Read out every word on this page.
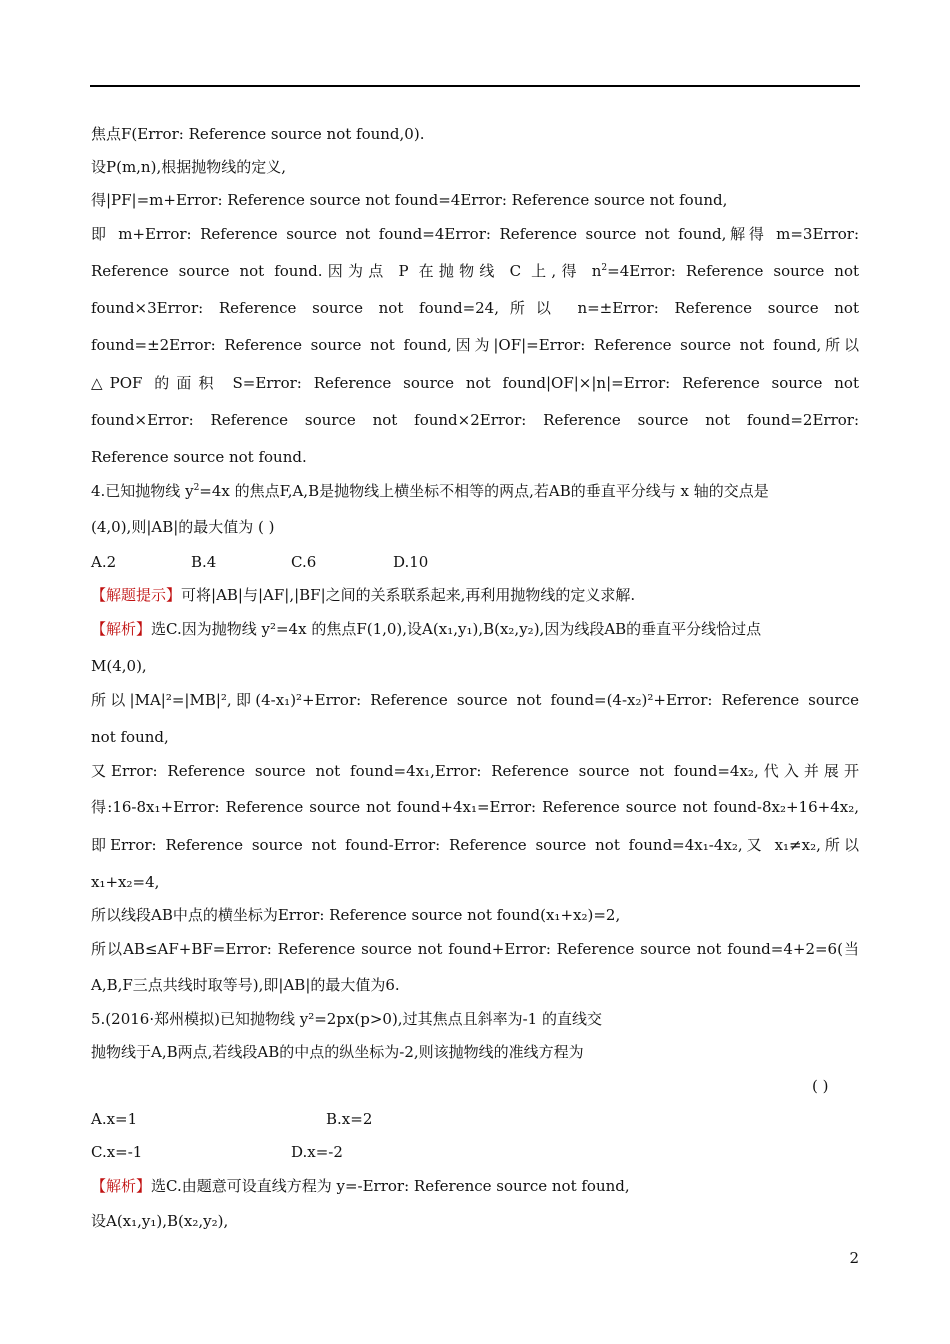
焦点F(Error: Reference source not found,0).
设P(m,n),根据抛物线的定义,
得|PF|=m+Error: Reference source not found=4Error: Reference source not found,
即 m+Error: Reference source not found=4Error: Reference source not found,解得 m=3Error:
Reference source not found.因为点 P 在抛物线 C 上,得 $n^2=4Error$: Reference source not
found×3Error: Reference source not found=24,所以 n=±Error: Reference source not
found=±2Error: Reference source not found,因为|OF|=Error: Reference source not found,所以
△POF 的面积 S=Error: Reference source not found|OF|×|n|=Error: Reference source not
found×Error: Reference source not found×2Error: Reference source not found=2Error:
Reference source not found.
4.已知抛物线 $y^2=4x$ 的焦点F,A,B是抛物线上横坐标不相等的两点,若AB的垂直平分线与 x 轴的交点是
(4,0),则|AB|的最大值为 ( )
A.2	B.4	C.6	D.10
【解题提示】可将|AB|与|AF|,|BF|之间的关系联系起来,再利用抛物线的定义求解.
【解析】选C.因为抛物线 y²=4x 的焦点F(1,0),设A(x₁,y₁),B(x₂,y₂),因为线段AB的垂直平分线恰过点
M(4,0),
所以|MA|²=|MB|²,即(4-x₁)²+Error: Reference source not found=(4-x₂)²+Error: Reference source
not found,
又Error: Reference source not found=4x₁,Error: Reference source not found=4x₂,代入并展开
得:16-8x₁+Error: Reference source not found+4x₁=Error: Reference source not found-8x₂+16+4x₂,
即Error: Reference source not found-Error: Reference source not found=4x₁-4x₂,又 x₁≠x₂,所以
x₁+x₂=4,
所以线段AB中点的横坐标为Error: Reference source not found(x₁+x₂)=2,
所以AB≤AF+BF=Error: Reference source not found+Error: Reference source not found=4+2=6(当
A,B,F三点共线时取等号),即|AB|的最大值为6.
5.(2016·郑州模拟)已知抛物线 y²=2px(p>0),过其焦点且斜率为-1 的直线交
抛物线于A,B两点,若线段AB的中点的纵坐标为-2,则该抛物线的准线方程为
( )
A.x=1	B.x=2
C.x=-1	D.x=-2
【解析】选C.由题意可设直线方程为 y=-Error: Reference source not found,
设A(x₁,y₁),B(x₂,y₂),
2
